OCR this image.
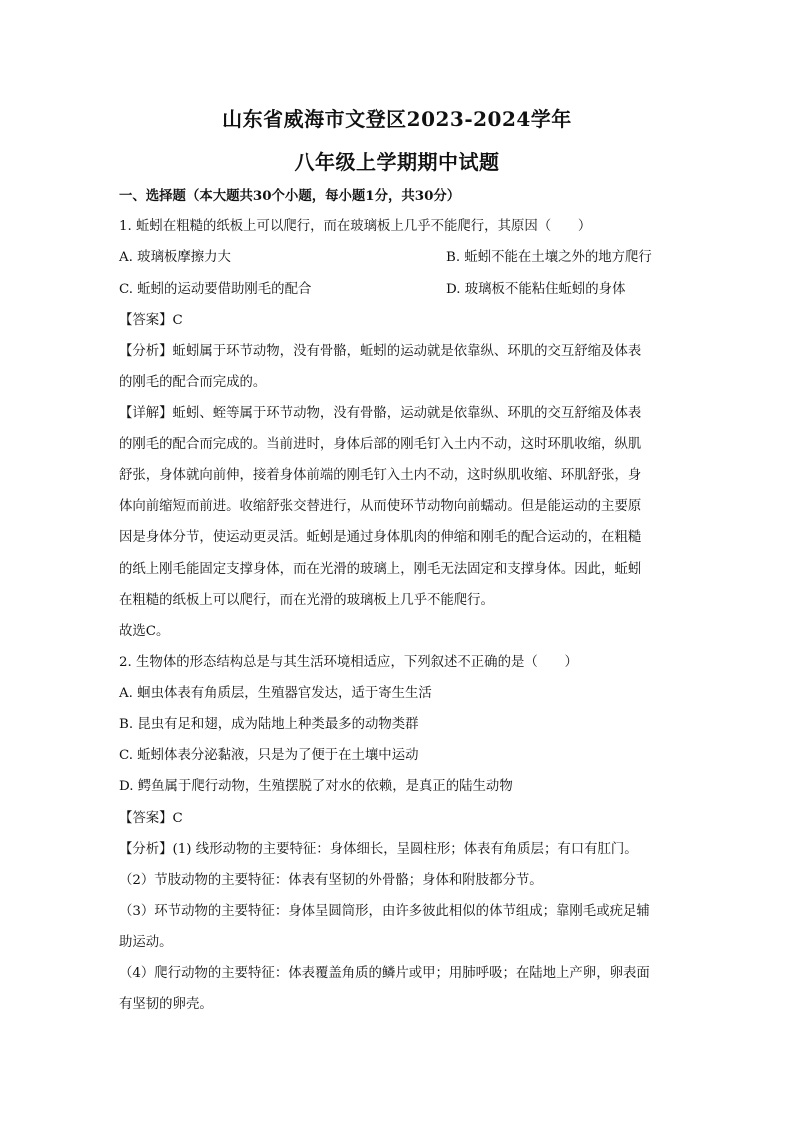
山东省威海市文登区2023-2024学年
八年级上学期期中试题
一、选择题（本大题共30个小题，每小题1分，共30分）
1. 蚯蚓在粗糙的纸板上可以爬行，而在玻璃板上几乎不能爬行，其原因（　　）
A. 玻璃板摩擦力大	B. 蚯蚓不能在土壤之外的地方爬行
C. 蚯蚓的运动要借助刚毛的配合	D. 玻璃板不能粘住蚯蚓的身体
【答案】C
【分析】蚯蚓属于环节动物，没有骨骼，蚯蚓的运动就是依靠纵、环肌的交互舒缩及体表
的刚毛的配合而完成的。
【详解】蚯蚓、蛭等属于环节动物，没有骨骼，运动就是依靠纵、环肌的交互舒缩及体表
的刚毛的配合而完成的。当前进时，身体后部的刚毛钉入土内不动，这时环肌收缩，纵肌
舒张，身体就向前伸，接着身体前端的刚毛钉入土内不动，这时纵肌收缩、环肌舒张，身
体向前缩短而前进。收缩舒张交替进行，从而使环节动物向前蠕动。但是能运动的主要原
因是身体分节，使运动更灵活。蚯蚓是通过身体肌肉的伸缩和刚毛的配合运动的，在粗糙
的纸上刚毛能固定支撑身体，而在光滑的玻璃上，刚毛无法固定和支撑身体。因此，蚯蚓
在粗糙的纸板上可以爬行，而在光滑的玻璃板上几乎不能爬行。
故选C。
2. 生物体的形态结构总是与其生活环境相适应，下列叙述不正确的是（　　）
A. 蛔虫体表有角质层，生殖器官发达，适于寄生生活
B. 昆虫有足和翅，成为陆地上种类最多的动物类群
C. 蚯蚓体表分泌黏液，只是为了便于在土壤中运动
D. 鳄鱼属于爬行动物，生殖摆脱了对水的依赖，是真正的陆生动物
【答案】C
【分析】(1) 线形动物的主要特征：身体细长，呈圆柱形；体表有角质层；有口有肛门。
（2）节肢动物的主要特征：体表有坚韧的外骨骼；身体和附肢都分节。
（3）环节动物的主要特征：身体呈圆筒形，由许多彼此相似的体节组成；靠刚毛或疣足辅
助运动。
（4）爬行动物的主要特征：体表覆盖角质的鳞片或甲；用肺呼吸；在陆地上产卵，卵表面
有坚韧的卵壳。
